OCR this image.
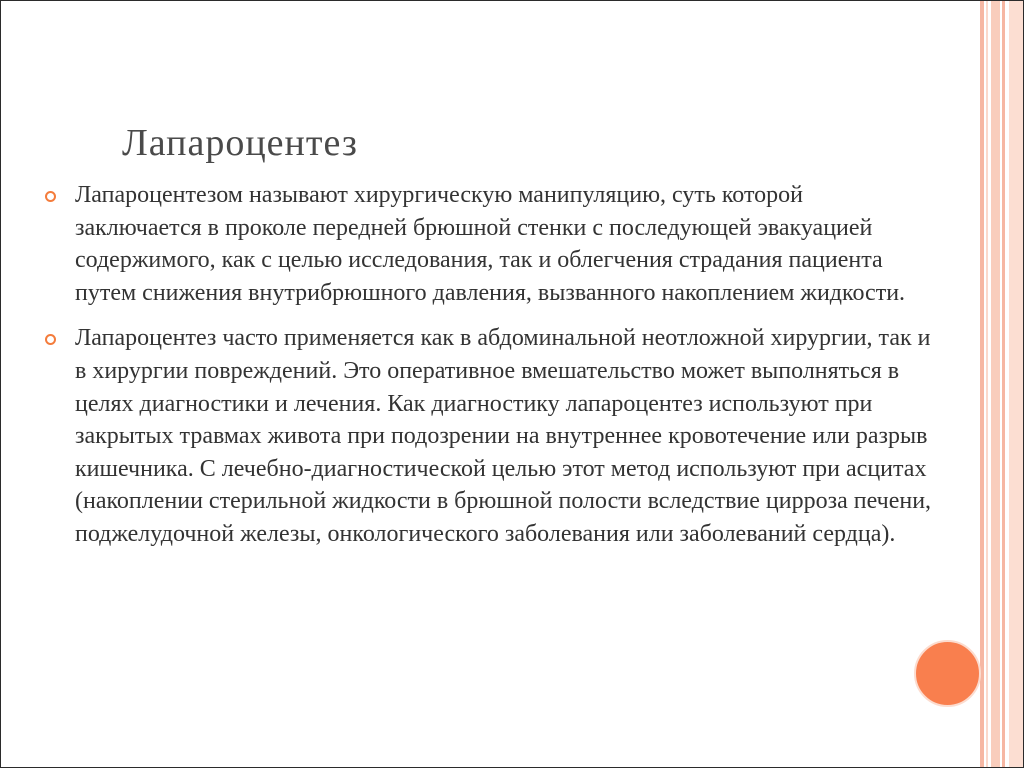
Лапароцентез
Лапароцентезом называют хирургическую манипуляцию, суть которой заключается в проколе передней брюшной стенки с последующей эвакуацией содержимого, как с целью исследования, так и облегчения страдания пациента путем снижения внутрибрюшного давления, вызванного накоплением жидкости.
Лапароцентез часто применяется как в абдоминальной неотложной хирургии, так и в хирургии повреждений. Это оперативное вмешательство может выполняться в целях диагностики и лечения. Как диагностику лапароцентез используют при закрытых травмах живота при подозрении на внутреннее кровотечение или разрыв кишечника. С лечебно-диагностической целью этот метод используют при асцитах (накоплении стерильной жидкости в брюшной полости вследствие цирроза печени, поджелудочной железы, онкологического заболевания или заболеваний сердца).
